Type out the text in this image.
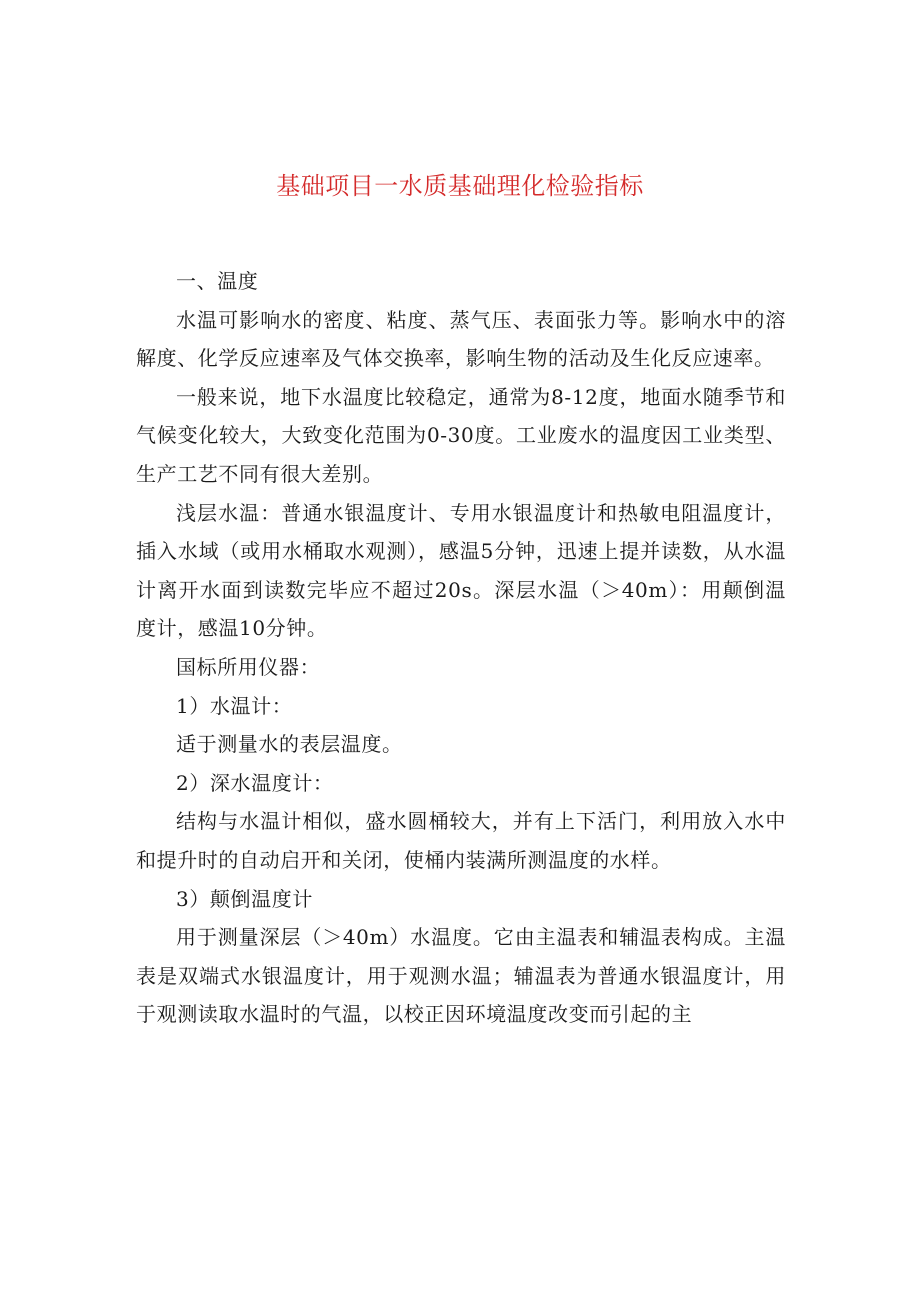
基础项目一水质基础理化检验指标

一、温度

水温可影响水的密度、粘度、蒸气压、表面张力等。影响水中的溶解度、化学反应速率及气体交换率，影响生物的活动及生化反应速率。

一般来说，地下水温度比较稳定，通常为8-12度，地面水随季节和气候变化较大，大致变化范围为0-30度。工业废水的温度因工业类型、生产工艺不同有很大差别。

浅层水温：普通水银温度计、专用水银温度计和热敏电阻温度计，插入水域（或用水桶取水观测），感温5分钟，迅速上提并读数，从水温计离开水面到读数完毕应不超过20s。深层水温（＞40m）：用颠倒温度计，感温10分钟。

国标所用仪器：

1）水温计：

适于测量水的表层温度。

2）深水温度计：

结构与水温计相似，盛水圆桶较大，并有上下活门，利用放入水中和提升时的自动启开和关闭，使桶内装满所测温度的水样。

3）颠倒温度计

用于测量深层（＞40m）水温度。它由主温表和辅温表构成。主温表是双端式水银温度计，用于观测水温；辅温表为普通水银温度计，用于观测读取水温时的气温，以校正因环境温度改变而引起的主
